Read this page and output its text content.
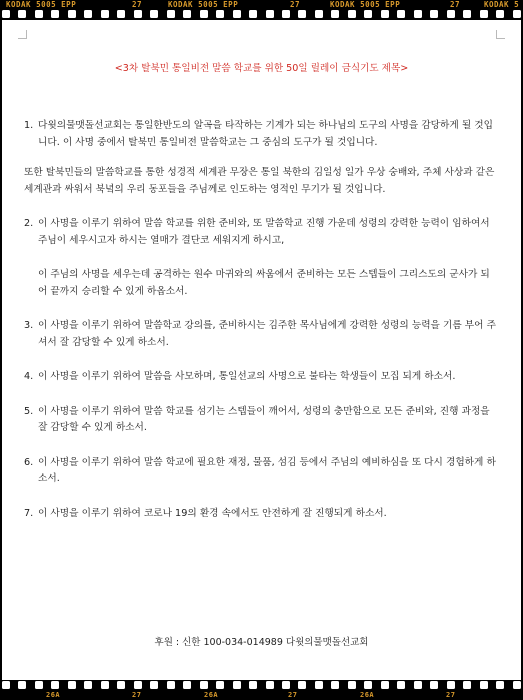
KODAK 5005 EPP	27	KODAK 5005 EPP	27	KODAK 5005 EPP	27	KODAK 5
<3차 탈북민 통일비전 말씀 학교를 위한 50일 릴레이 금식기도 제목>
1. 다윗의물맷돌선교회는 통일한반도의 알곡을 타작하는 기계가 되는 하나님의 도구의 사명을 감당하게 될 것입니다. 이 사명 중에서 탈북민 통일비전 말씀학교는 그 중심의 도구가 될 것입니다.
또한 탈북민들의 말씀학교를 통한 성경적 세계관 무장은 통일 북한의 김일성 일가 우상 숭배와, 주체 사상과 같은 세계관과 싸워서 북녘의 우리 동포들을 주님께로 인도하는 영적인 무기가 될 것입니다.
2. 이 사명을 이루기 위하여 말씀 학교를 위한 준비와, 또 말씀학교 진행 가운데 성령의 강력한 능력이 임하여서 주님이 세우시고자 하시는 열매가 결단코 세워지게 하시고,
이 주님의 사명을 세우는데 공격하는 원수 마귀와의 싸움에서 준비하는 모든 스텝들이 그리스도의 군사가 되어 끝까지 승리할 수 있게 하옵소서.
3. 이 사명을 이루기 위하여 말씀학교 강의를, 준비하시는 김주한 목사님에게 강력한 성령의 능력을 기름 부어 주셔서 잘 감당할 수 있게 하소서.
4. 이 사명을 이루기 위하여 말씀을 사모하며, 통일선교의 사명으로 불타는 학생들이 모집 되게 하소서.
5. 이 사명을 이루기 위하여 말씀 학교를 섬기는 스텝들이 깨어서, 성령의 충만함으로 모든 준비와, 진행 과정을 잘 감당할 수 있게 하소서.
6. 이 사명을 이루기 위하여 말씀 학교에 필요한 재정, 물품, 섬김 등에서 주님의 예비하심을 또 다시 경험하게 하소서.
7. 이 사명을 이루기 위하여 코로나 19의 환경 속에서도 안전하게 잘 진행되게 하소서.
후원 : 신한 100-034-014989 다윗의물맷돌선교회
26A	27	26A	27	26A	27
